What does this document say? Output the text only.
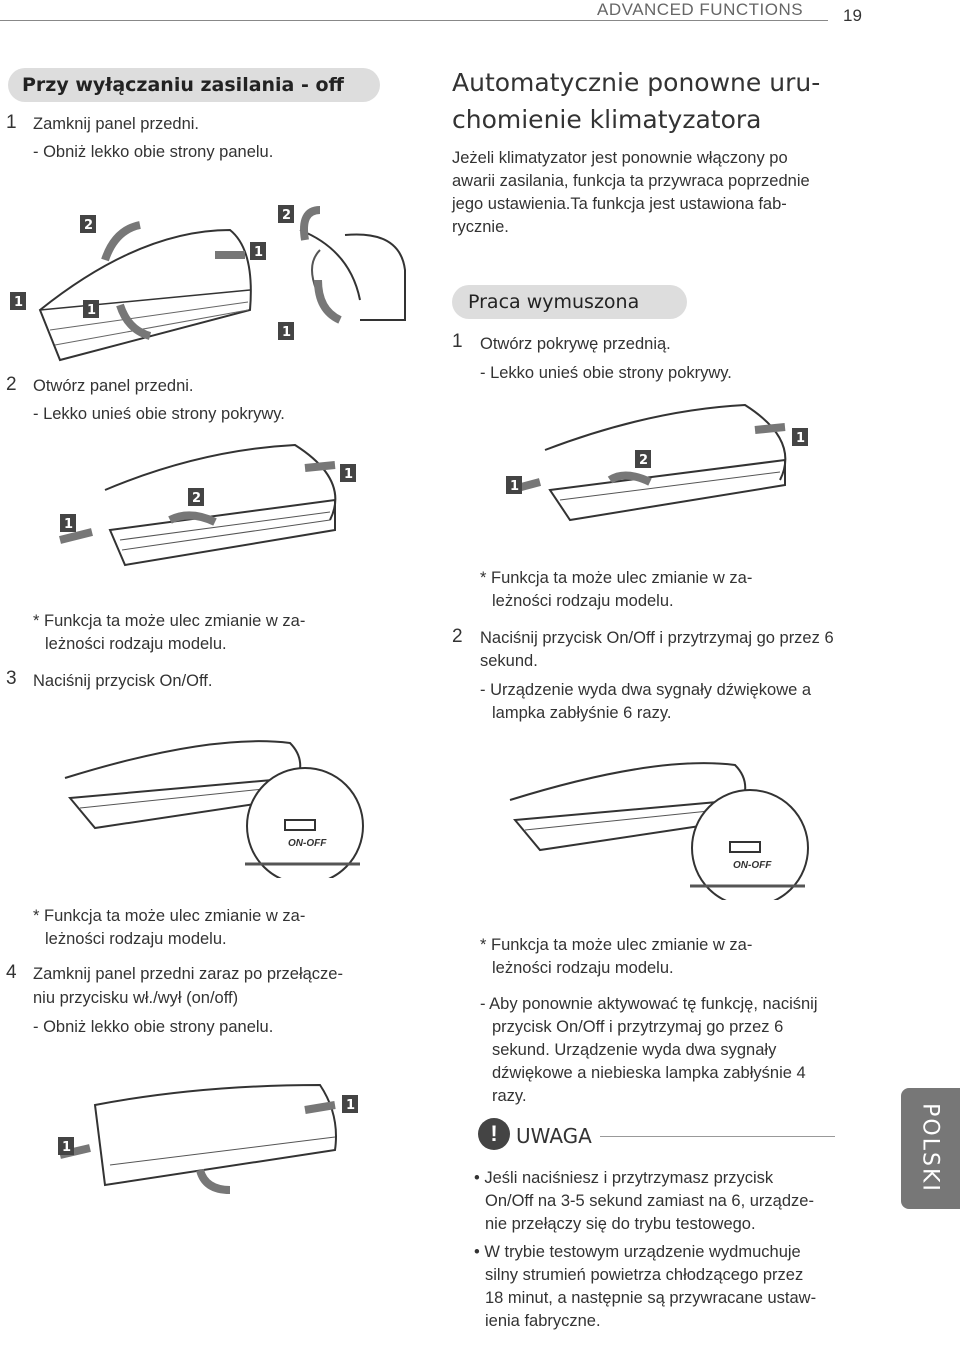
ADVANCED FUNCTIONS 19
Przy wyłączaniu zasilania - off
1 Zamknij panel przedni.
- Obniż lekko obie strony panelu.
1
1
2
1
2
1
2 Otwórz panel przedni.
- Lekko unieś obie strony pokrywy.
2
1
1
* Funkcja ta może ulec zmianie w za-
leżności rodzaju modelu.
3 Naciśnij przycisk On/Off.
ON-OFF
* Funkcja ta może ulec zmianie w za-
leżności rodzaju modelu.
4 Zamknij panel przedni zaraz po przełącze-
niu przycisku wł./wył (on/off)
- Obniż lekko obie strony panelu.
1
1
Automatycznie ponowne uru-
chomienie klimatyzatora
Jeżeli klimatyzator jest ponownie włączony po
awarii zasilania, funkcja ta przywraca poprzednie
jego ustawienia.Ta funkcja jest ustawiona fab-
rycznie.
Praca wymuszona
1 Otwórz pokrywę przednią.
- Lekko unieś obie strony pokrywy.
2
1
1
* Funkcja ta może ulec zmianie w za-
leżności rodzaju modelu.
2 Naciśnij przycisk On/Off i przytrzymaj go przez 6
sekund.
- Urządzenie wyda dwa sygnały dźwiękowe a
lampka zabłyśnie 6 razy.
ON-OFF
* Funkcja ta może ulec zmianie w za-
leżności rodzaju modelu.
- Aby ponownie aktywować tę funkcję, naciśnij
przycisk On/Off i przytrzymaj go przez 6
sekund. Urządzenie wyda dwa sygnały
dźwiękowe a niebieska lampka zabłyśnie 4
razy.
! UWAGA
• Jeśli naciśniesz i przytrzymasz przycisk
On/Off na 3-5 sekund zamiast na 6, urządze-
nie przełączy się do trybu testowego.
• W trybie testowym urządzenie wydmuchuje
silny strumień powietrza chłodzącego przez
18 minut, a następnie są przywracane ustaw-
ienia fabryczne.
POLSKI
